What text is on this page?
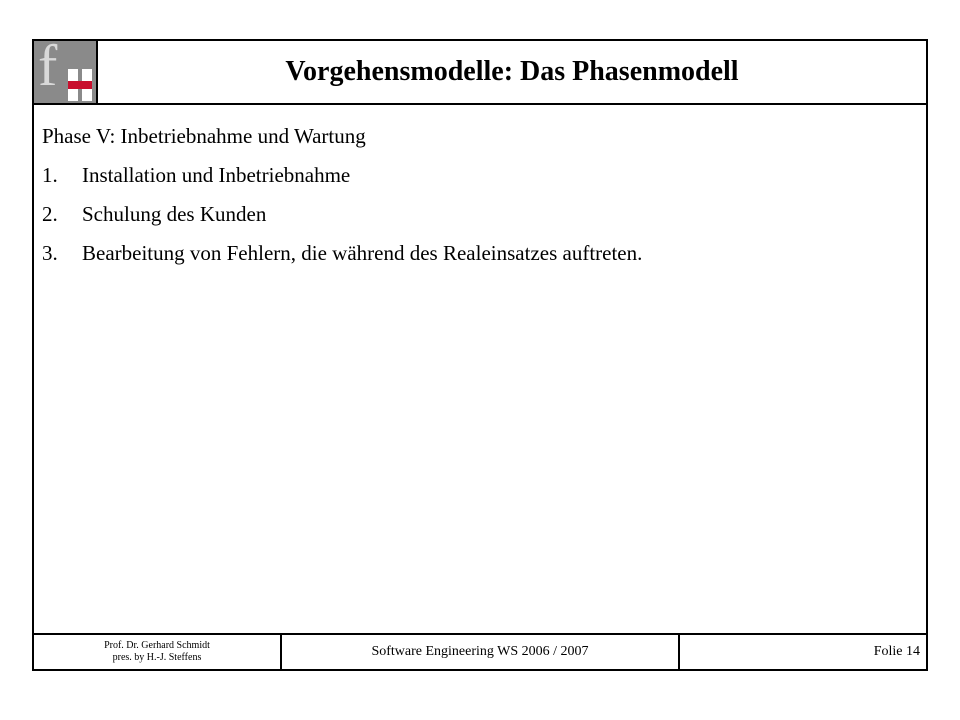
f	Vorgehensmodelle: Das Phasenmodell
Phase V: Inbetriebnahme und Wartung
1.	Installation und Inbetriebnahme
2.	Schulung des Kunden
3.	Bearbeitung von Fehlern, die während des Realeinsatzes auftreten.
Prof. Dr. Gerhard Schmidt
pres. by H.-J. Steffens	Software Engineering WS 2006 / 2007	Folie 14
